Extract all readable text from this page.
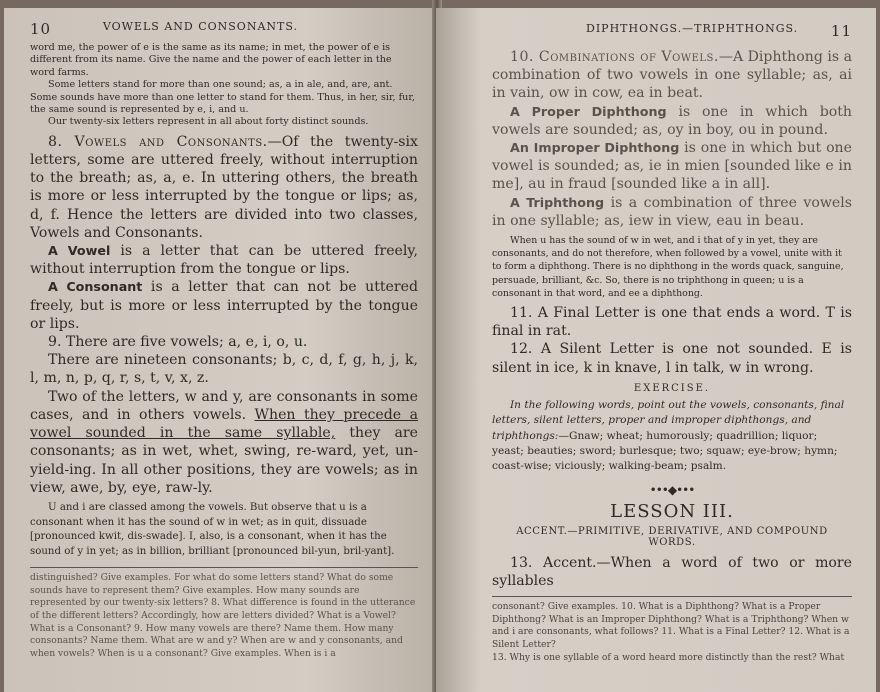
10	VOWELS AND CONSONANTS.

word me, the power of e is the same as its name; in met, the power of e is different from its name. Give the name and the power of each letter in the word farms.

Some letters stand for more than one sound; as, a in ale, and, are, ant. Some sounds have more than one letter to stand for them. Thus, in her, sir, fur, the same sound is represented by e, i, and u.

Our twenty-six letters represent in all about forty distinct sounds.

8. Vowels and Consonants.—Of the twenty-six letters, some are uttered freely, without interruption to the breath; as, a, e. In uttering others, the breath is more or less interrupted by the tongue or lips; as, d, f. Hence the letters are divided into two classes, Vowels and Consonants.

A Vowel is a letter that can be uttered freely, without interruption from the tongue or lips.

A Consonant is a letter that can not be uttered freely, but is more or less interrupted by the tongue or lips.

9. There are five vowels; a, e, i, o, u.

There are nineteen consonants; b, c, d, f, g, h, j, k, l, m, n, p, q, r, s, t, v, x, z.

Two of the letters, w and y, are consonants in some cases, and in others vowels. When they precede a vowel sounded in the same syllable, they are consonants; as in wet, whet, swing, re-ward, yet, un-yield-ing. In all other positions, they are vowels; as in view, awe, by, eye, raw-ly.

U and i are classed among the vowels. But observe that u is a consonant when it has the sound of w in wet; as in quit, dissuade [pronounced kwit, dis-swade]. I, also, is a consonant, when it has the sound of y in yet; as in billion, brilliant [pronounced bil-yun, bril-yant].

distinguished? Give examples. For what do some letters stand? What do some sounds have to represent them? Give examples. How many sounds are represented by our twenty-six letters? 8. What difference is found in the utterance of the different letters? Accordingly, how are letters divided? What is a Vowel? What is a Consonant? 9. How many vowels are there? Name them. How many consonants? Name them. What are w and y? When are w and y consonants, and when vowels? When is u a consonant? Give examples. When is i a

DIPHTHONGS.—TRIPHTHONGS. 11

10. Combinations of Vowels.—A Diphthong is a combination of two vowels in one syllable; as, ai in vain, ow in cow, ea in beat.

A Proper Diphthong is one in which both vowels are sounded; as, oy in boy, ou in pound.

An Improper Diphthong is one in which but one vowel is sounded; as, ie in mien [sounded like e in me], au in fraud [sounded like a in all].

A Triphthong is a combination of three vowels in one syllable; as, iew in view, eau in beau.

When u has the sound of w in wet, and i that of y in yet, they are consonants, and do not therefore, when followed by a vowel, unite with it to form a diphthong. There is no diphthong in the words quack, sanguine, persuade, brilliant, &c. So, there is no triphthong in queen; u is a consonant in that word, and ee a diphthong.

11. A Final Letter is one that ends a word. T is final in rat.

12. A Silent Letter is one not sounded. E is silent in ice, k in knave, l in talk, w in wrong.

EXERCISE.

In the following words, point out the vowels, consonants, final letters, silent letters, proper and improper diphthongs, and triphthongs:—Gnaw; wheat; humorously; quadrillion; liquor; yeast; beauties; sword; burlesque; two; squaw; eye-brow; hymn; coast-wise; viciously; walking-beam; psalm.

•••◆•••
LESSON III.
ACCENT.—PRIMITIVE, DERIVATIVE, AND COMPOUND WORDS.

13. Accent.—When a word of two or more syllables

consonant? Give examples. 10. What is a Diphthong? What is a Proper Diphthong? What is an Improper Diphthong? What is a Triphthong? When w and i are consonants, what follows? 11. What is a Final Letter? 12. What is a Silent Letter?

13. Why is one syllable of a word heard more distinctly than the rest? What
